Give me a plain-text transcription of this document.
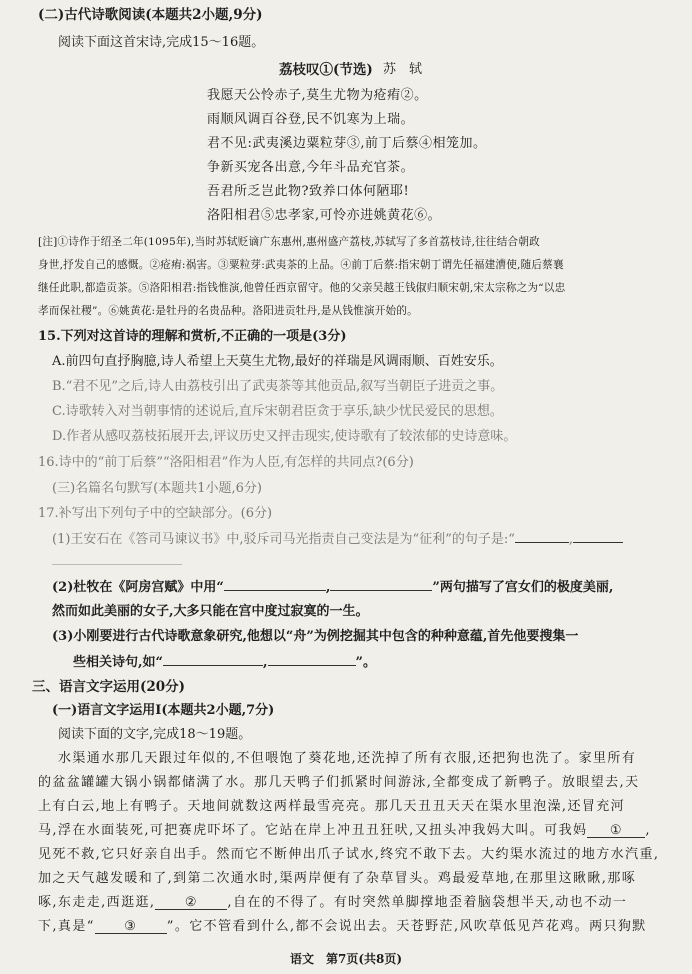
(二)古代诗歌阅读(本题共2小题,9分)
阅读下面这首宋诗,完成15～16题。
荔枝叹①(节选) 苏　轼
我愿天公怜赤子,莫生尤物为疮痏②。
雨顺风调百谷登,民不饥寒为上瑞。
君不见:武夷溪边粟粒芽③,前丁后蔡④相笼加。
争新买宠各出意,今年斗品充官茶。
吾君所乏岂此物?致养口体何陋耶!
洛阳相君⑤忠孝家,可怜亦进姚黄花⑥。
[注]①诗作于绍圣二年(1095年),当时苏轼贬谪广东惠州,惠州盛产荔枝,苏轼写了多首荔枝诗,往往结合朝政
身世,抒发自己的感慨。②疮痏:祸害。③粟粒芽:武夷茶的上品。④前丁后蔡:指宋朝丁谓先任福建漕使,随后蔡襄
继任此职,都造贡茶。⑤洛阳相君:指钱惟演,他曾任西京留守。他的父亲吴越王钱俶归顺宋朝,宋太宗称之为“以忠
孝而保社稷”。⑥姚黄花:是牡丹的名贵品种。洛阳进贡牡丹,是从钱惟演开始的。
15.下列对这首诗的理解和赏析,不正确的一项是(3分)
A.前四句直抒胸臆,诗人希望上天莫生尤物,最好的祥瑞是风调雨顺、百姓安乐。
B.“君不见”之后,诗人由荔枝引出了武夷茶等其他贡品,叙写当朝臣子进贡之事。
C.诗歌转入对当朝事情的述说后,直斥宋朝君臣贪于享乐,缺少忧民爱民的思想。
D.作者从感叹荔枝拓展开去,评议历史又抨击现实,使诗歌有了较浓郁的史诗意味。
16.诗中的“前丁后蔡”“洛阳相君”作为人臣,有怎样的共同点?(6分)
(三)名篇名句默写(本题共1小题,6分)
17.补写出下列句子中的空缺部分。(6分)
(1)王安石在《答司马谏议书》中,驳斥司马光指责自己变法是为“征利”的句子是:“	,
(2)杜牧在《阿房宫赋》中用“	,	”两句描写了宫女们的极度美丽,
然而如此美丽的女子,大多只能在宫中度过寂寞的一生。
(3)小刚要进行古代诗歌意象研究,他想以“舟”为例挖掘其中包含的种种意蕴,首先他要搜集一
些相关诗句,如“	,	”。
三、语言文字运用(20分)
(一)语言文字运用Ⅰ(本题共2小题,7分)
阅读下面的文字,完成18～19题。
水渠通水那几天跟过年似的,不但喂饱了葵花地,还洗掉了所有衣服,还把狗也洗了。家里所有
的盆盆罐罐大锅小锅都储满了水。那几天鸭子们抓紧时间游泳,全都变成了新鸭子。放眼望去,天
上有白云,地上有鸭子。天地间就数这两样最雪亮亮。那几天丑丑天天在渠水里泡澡,还冒充河
马,浮在水面装死,可把赛虎吓坏了。它站在岸上冲丑丑狂吠,又扭头冲我妈大叫。可我妈 ① ,
见死不救,它只好亲自出手。然而它不断伸出爪子试水,终究不敢下去。大约渠水流过的地方水汽重,
加之天气越发暖和了,到第二次通水时,渠两岸便有了杂草冒头。鸡最爱草地,在那里这瞅瞅,那啄
啄,东走走,西逛逛, ② ,自在的不得了。有时突然单脚撑地歪着脑袋想半天,动也不动一
下,真是“ ③ ”。它不管看到什么,都不会说出去。天苍野茫,风吹草低见芦花鸡。两只狗默
语文　第7页(共8页)
